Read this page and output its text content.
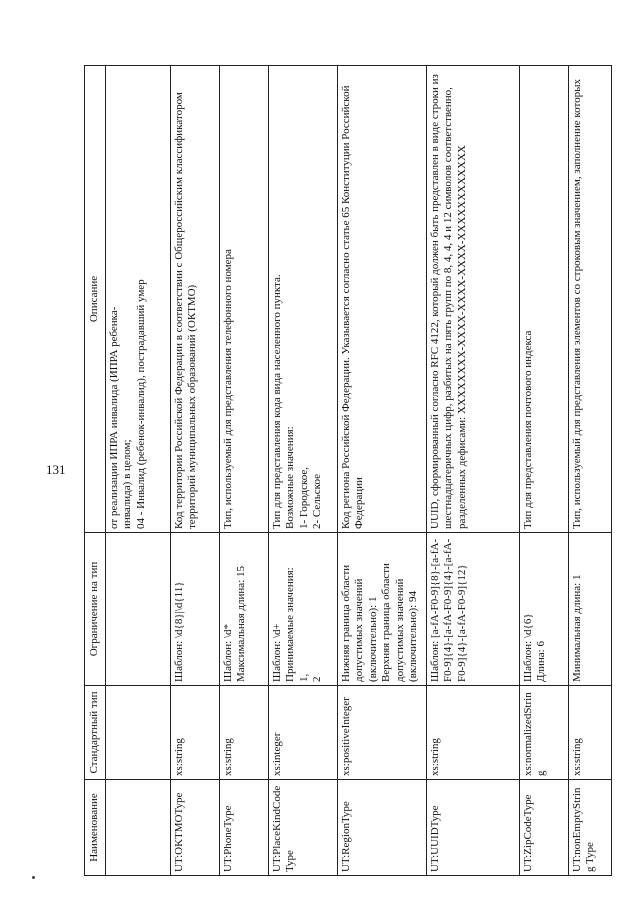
131
Наименование	Стандартный тип	Ограничение на тип	Описание

			от реализации ИПРА инвалида (ИПРА ребенка- инвалида) в целом; 04 - Инвалид (ребенок-инвалид), пострадавший умер

UT:OKTMOType	xs:string	Шаблон: \d{8}|\d{11}	Код территории Российской Федерации в соответствии с Общероссийским классификатором территорий муниципальных образований (ОКТМО)

UT:PhoneType	xs:string	Шаблон: \d* Максимальная длина: 15	Тип, используемый для представления телефонного номера

UT:PlaceKindCode Type	xs:integer	Шаблон: \d+ Принимаемые значения: 1, 2	Тип для представления кода вида населенного пункта. Возможные значения: 1- Городское, 2- Сельское

UT:RegionType	xs:positiveInteger	Нижняя граница области допустимых значений (включительно): 1 Верхняя граница области допустимых значений (включительно): 94	Код региона Российской Федерации. Указывается согласно статье 65 Конституции Российской Федерации

UT:UUIDType	xs:string	Шаблон: [a-fA-F0-9]{8}-[a-fA-F0-9]{4}-[a-fA-F0-9]{4}-[a-fA-F0-9]{4}-[a-fA-F0-9]{12}	UUID, сформированный согласно RFC 4122, который должен быть представлен в виде строки из шестнадцатеричных цифр, разбитых на пять групп по 8, 4, 4, 4 и 12 символов соответственно, разделенных дефисами: XXXXXXXX-XXXX-XXXX-XXXX-XXXXXXXXXXXX

UT:ZipCodeType	xs:normalizedString	Шаблон: \d{6} Длина: 6	Тип для представления почтового индекса

UT:nonEmptyString Type	xs:string	Минимальная длина: 1	Тип, используемый для представления элементов со строковым значением, заполнение которых
